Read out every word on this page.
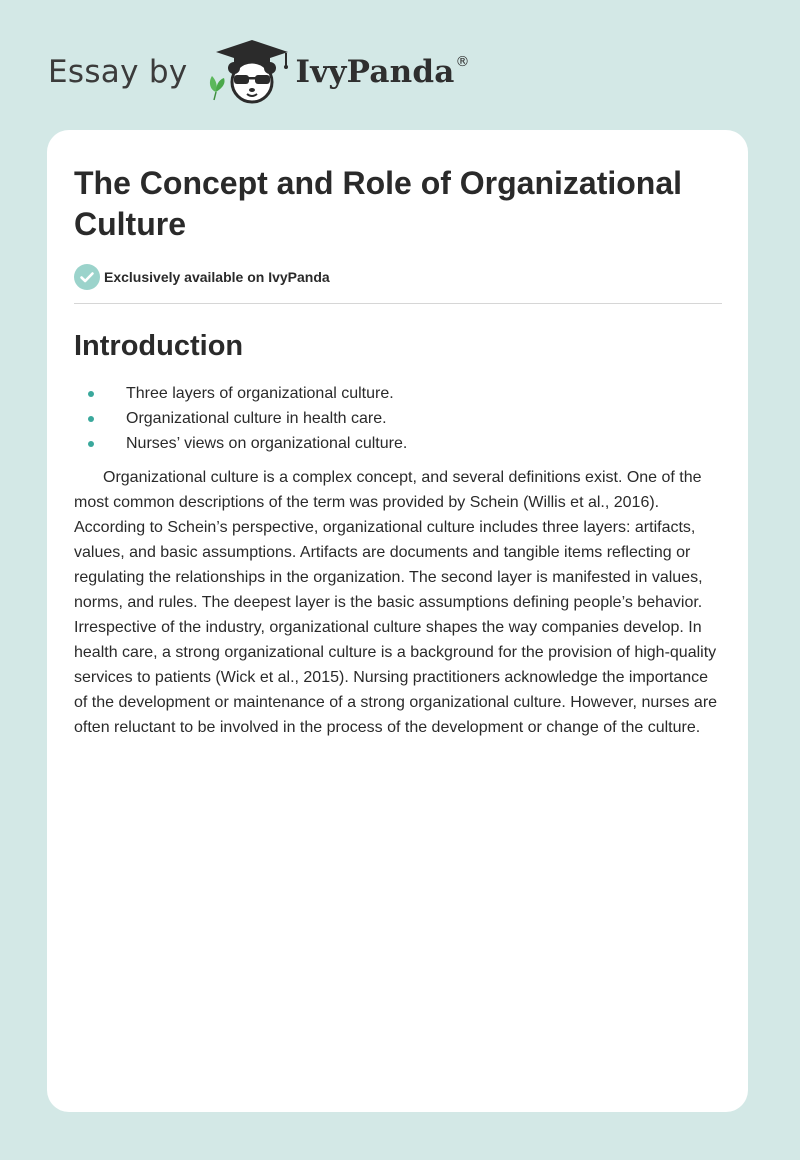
Essay by	IvyPanda ®
The Concept and Role of Organizational Culture
Exclusively available on IvyPanda
Introduction
Three layers of organizational culture.
Organizational culture in health care.
Nurses’ views on organizational culture.

Organizational culture is a complex concept, and several definitions exist. One of the most common descriptions of the term was provided by Schein (Willis et al., 2016). According to Schein’s perspective, organizational culture includes three layers: artifacts, values, and basic assumptions. Artifacts are documents and tangible items reflecting or regulating the relationships in the organization. The second layer is manifested in values, norms, and rules. The deepest layer is the basic assumptions defining people’s behavior. Irrespective of the industry, organizational culture shapes the way companies develop. In health care, a strong organizational culture is a background for the provision of high-quality services to patients (Wick et al., 2015). Nursing practitioners acknowledge the importance of the development or maintenance of a strong organizational culture. However, nurses are often reluctant to be involved in the process of the development or change of the culture.
